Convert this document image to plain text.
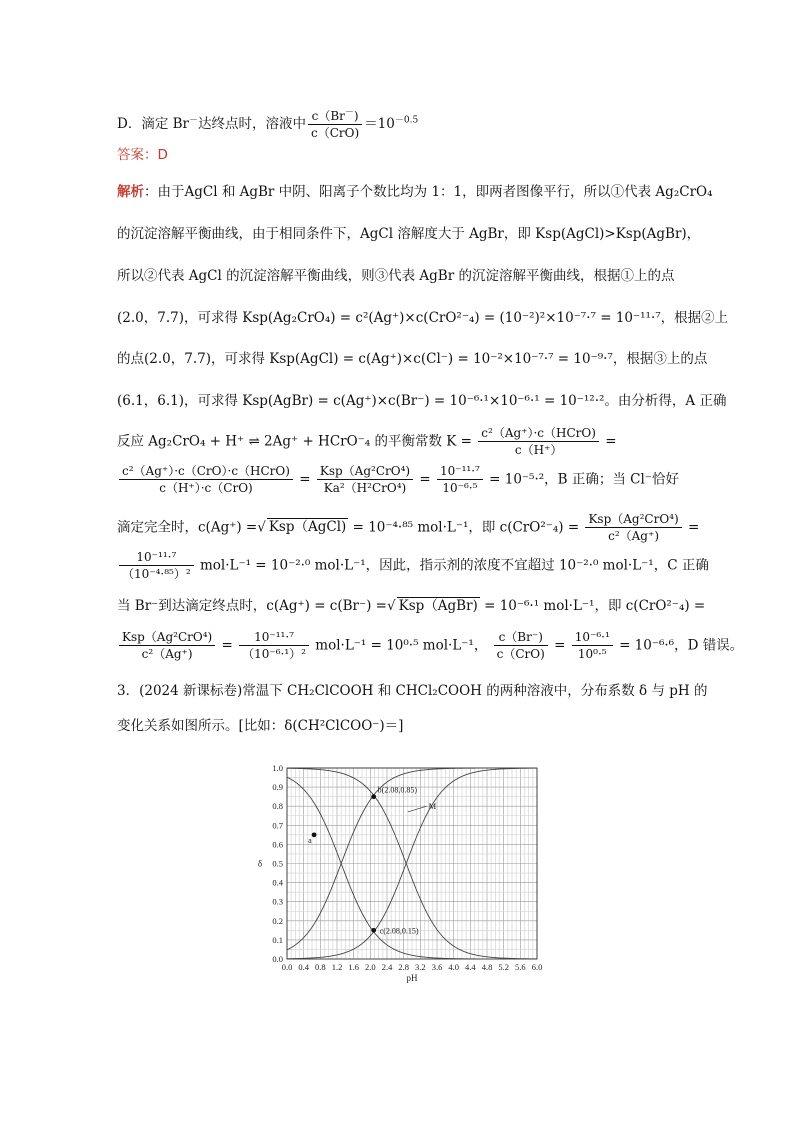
D．滴定 Br－达终点时，溶液中 $\frac{c(Br^-)}{\text{c（CrO)}} =10^{-0.5}$
答案：D
解析：由于AgCl 和 AgBr 中阴、阳离子个数比均为 1：1，即两者图像平行，所以①代表 Ag₂CrO₄
的沉淀溶解平衡曲线，由于相同条件下，AgCl 溶解度大于 AgBr，即 Ksp(AgCl)>Ksp(AgBr)，
所以②代表 AgCl 的沉淀溶解平衡曲线，则③代表 AgBr 的沉淀溶解平衡曲线，根据①上的点
(2.0，7.7)，可求得 Ksp(Ag₂CrO₄) = c²(Ag⁺)×c(CrO²⁻₄) = (10⁻²)²×10⁻⁷·⁷ = 10⁻¹¹·⁷，根据②上
的点(2.0，7.7)，可求得 Ksp(AgCl) = c(Ag⁺)×c(Cl⁻) = 10⁻²×10⁻⁷·⁷ = 10⁻⁹·⁷，根据③上的点
(6.1，6.1)，可求得 Ksp(AgBr) = c(Ag⁺)×c(Br⁻) = 10⁻⁶·¹×10⁻⁶·¹ = 10⁻¹²·²。由分析得，A 正确
反应 Ag₂CrO₄ + H⁺ ⇌ 2Ag⁺ + HCrO⁻₄ 的平衡常数 $K = \frac{\text{c²（Ag⁺）·c（HCrO)}}{c(H^+)}$ =
$\frac{\text{c²（Ag⁺）·c（CrO）·c（HCrO)}}{\text{c（H⁺）·c（CrO)}} = \frac{\text{Ksp（Ag²CrO⁴)}}{\text{Ka²（H²CrO⁴)}} = \frac{\text{10⁻¹¹·⁷}}{\text{10⁻⁶·⁵}} = 10^{-5}\cdot^2$，B 正确；当 Cl⁻恰好
滴定完全时，c(Ag⁺) =√ Ksp（AgCl) = 10⁻⁴·⁸⁵ mol·L⁻¹，即 $c(CrO^{2-}_4) = \frac{\text{Ksp（Ag²CrO⁴)}}{\text{c²（Ag⁺)}}$ =
$\frac{\text{10⁻¹¹·⁷}}{\text{（10⁻⁴·⁸⁵）²}} mol\cdot L^{-1} = 10^{-2}\cdot^0$ mol·L⁻¹，因此，指示剂的浓度不宜超过 10⁻²·⁰ mol·L⁻¹，C 正确
当 Br⁻到达滴定终点时，c(Ag⁺) = c(Br⁻) =√ Ksp（AgBr) = 10⁻⁶·¹ mol·L⁻¹，即 c(CrO²⁻₄) =
$\frac{\text{Ksp（Ag²CrO⁴)}}{\text{c²（Ag⁺)}} = \frac{\text{10⁻¹¹·⁷}}{\text{（10⁻⁶·¹）²}} mol\cdot L^{-1} = 10^0\cdot^5$ mol·L⁻¹， $\frac{c(Br^-)}{\text{c（CrO)}} = \frac{\text{10⁻⁶·¹}}{\text{10⁰·⁵}} = 10^{-6}\cdot^6$，D 错误。
3．(2024 新课标卷)常温下 CH₂ClCOOH 和 CHCl₂COOH 的两种溶液中，分布系数 δ 与 pH 的
变化关系如图所示。[比如：δ(CH²ClCOO⁻)＝]
0.0 0.4 0.8 1.2 1.6 2.0 2.4 2.8 3.2 3.6 4.0 4.4 4.8 5.2 5.6 6.0
0.0
0.1
0.2
0.3
0.4
0.5
0.6
0.7
0.8
0.9
1.0
pH
δ
a
b(2.08,0.85)
c(2.08,0.15)
M
